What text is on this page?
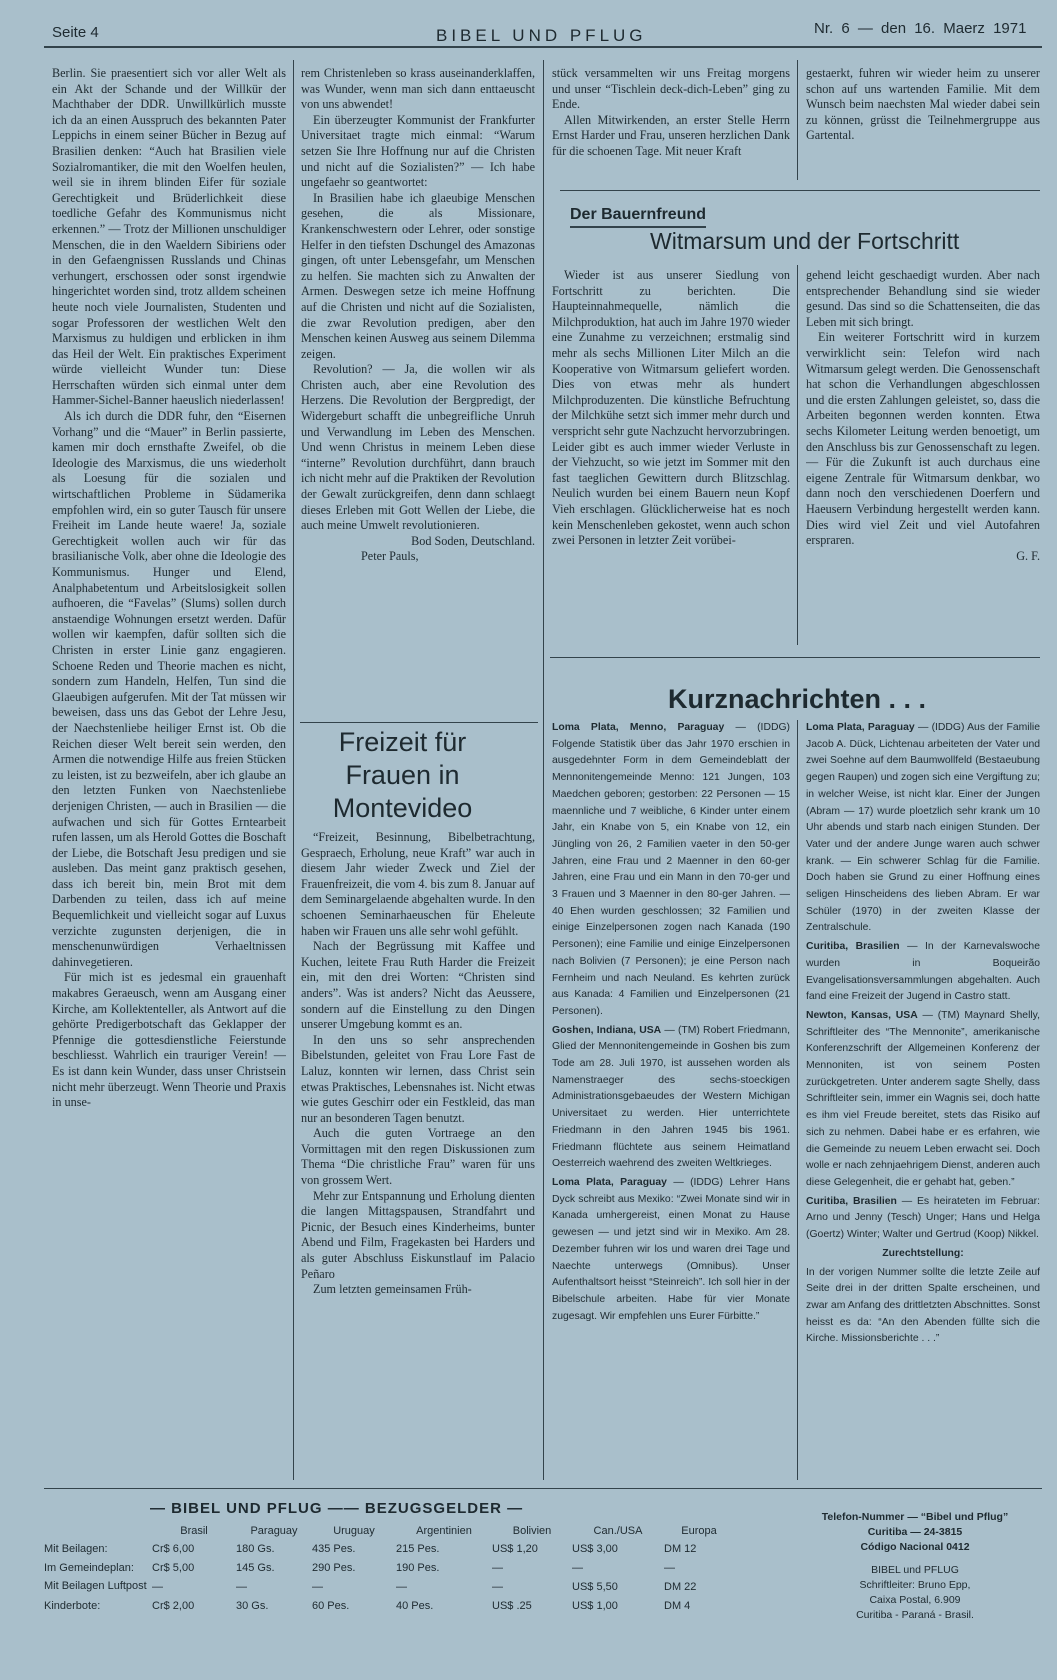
Seite 4	BIBEL UND PFLUG	Nr. 6 — den 16. Maerz 1971

Berlin. Sie praesentiert sich vor aller Welt als ein Akt der Schande und der Willkür der Machthaber der DDR. Unwillkürlich musste ich da an einen Ausspruch des bekannten Pater Leppichs in einem seiner Bücher in Bezug auf Brasilien denken: “Auch hat Brasilien viele Sozialromantiker, die mit den Woelfen heulen, weil sie in ihrem blinden Eifer für soziale Gerechtigkeit und Brüderlichkeit diese toedliche Gefahr des Kommunismus nicht erkennen.” — Trotz der Millionen unschuldiger Menschen, die in den Waeldern Sibiriens oder in den Gefaengnissen Russlands und Chinas verhungert, erschossen oder sonst irgendwie hingerichtet worden sind, trotz alldem scheinen heute noch viele Journalisten, Studenten und sogar Professoren der westlichen Welt den Marxismus zu huldigen und erblicken in ihm das Heil der Welt. Ein praktisches Experiment würde vielleicht Wunder tun: Diese Herrschaften würden sich einmal unter dem Hammer-Sichel-Banner haeuslich niederlassen!

Als ich durch die DDR fuhr, den “Eisernen Vorhang” und die “Mauer” in Berlin passierte, kamen mir doch ernsthafte Zweifel, ob die Ideologie des Marxismus, die uns wiederholt als Loesung für die sozialen und wirtschaftlichen Probleme in Südamerika empfohlen wird, ein so guter Tausch für unsere Freiheit im Lande heute waere! Ja, soziale Gerechtigkeit wollen auch wir für das brasilianische Volk, aber ohne die Ideologie des Kommunismus. Hunger und Elend, Analphabetentum und Arbeitslosigkeit sollen aufhoeren, die “Favelas” (Slums) sollen durch anstaendige Wohnungen ersetzt werden. Dafür wollen wir kaempfen, dafür sollten sich die Christen in erster Linie ganz engagieren. Schoene Reden und Theorie machen es nicht, sondern zum Handeln, Helfen, Tun sind die Glaeubigen aufgerufen. Mit der Tat müssen wir beweisen, dass uns das Gebot der Lehre Jesu, der Naechstenliebe heiliger Ernst ist. Ob die Reichen dieser Welt bereit sein werden, den Armen die notwendige Hilfe aus freien Stücken zu leisten, ist zu bezweifeln, aber ich glaube an den letzten Funken von Naechstenliebe derjenigen Christen, — auch in Brasilien — die aufwachen und sich für Gottes Erntearbeit rufen lassen, um als Herold Gottes die Boschaft der Liebe, die Botschaft Jesu predigen und sie ausleben. Das meint ganz praktisch gesehen, dass ich bereit bin, mein Brot mit dem Darbenden zu teilen, dass ich auf meine Bequemlichkeit und vielleicht sogar auf Luxus verzichte zugunsten derjenigen, die in menschenunwürdigen Verhaeltnissen dahinvegetieren.

Für mich ist es jedesmal ein grauenhaft makabres Geraeusch, wenn am Ausgang einer Kirche, am Kollektenteller, als Antwort auf die gehörte Predigerbotschaft das Geklapper der Pfennige die gottesdienstliche Feierstunde beschliesst. Wahrlich ein trauriger Verein! — Es ist dann kein Wunder, dass unser Christsein nicht mehr überzeugt. Wenn Theorie und Praxis in unse-

rem Christenleben so krass auseinanderklaffen, was Wunder, wenn man sich dann enttaeuscht von uns abwendet!

Ein überzeugter Kommunist der Frankfurter Universitaet tragte mich einmal: “Warum setzen Sie Ihre Hoffnung nur auf die Christen und nicht auf die Sozialisten?” — Ich habe ungefaehr so geantwortet:

In Brasilien habe ich glaeubige Menschen gesehen, die als Missionare, Krankenschwestern oder Lehrer, oder sonstige Helfer in den tiefsten Dschungel des Amazonas gingen, oft unter Lebensgefahr, um Menschen zu helfen. Sie machten sich zu Anwalten der Armen. Deswegen setze ich meine Hoffnung auf die Christen und nicht auf die Sozialisten, die zwar Revolution predigen, aber den Menschen keinen Ausweg aus seinem Dilemma zeigen.

Revolution? — Ja, die wollen wir als Christen auch, aber eine Revolution des Herzens. Die Revolution der Bergpredigt, der Widergeburt schafft die unbegreifliche Unruh und Verwandlung im Leben des Menschen. Und wenn Christus in meinem Leben diese “interne” Revolution durchführt, dann brauch ich nicht mehr auf die Praktiken der Revolution der Gewalt zurückgreifen, denn dann schlaegt dieses Erleben mit Gott Wellen der Liebe, die auch meine Umwelt revolutionieren.

Bod Soden, Deutschland.

Peter Pauls,

Freizeit für Frauen in Montevideo

“Freizeit, Besinnung, Bibelbetrachtung, Gespraech, Erholung, neue Kraft” war auch in diesem Jahr wieder Zweck und Ziel der Frauenfreizeit, die vom 4. bis zum 8. Januar auf dem Seminargelaende abgehalten wurde. In den schoenen Seminarhaeuschen für Eheleute haben wir Frauen uns alle sehr wohl gefühlt.

Nach der Begrüssung mit Kaffee und Kuchen, leitete Frau Ruth Harder die Freizeit ein, mit den drei Worten: “Christen sind anders”. Was ist anders? Nicht das Aeussere, sondern auf die Einstellung zu den Dingen unserer Umgebung kommt es an.

In den uns so sehr ansprechenden Bibelstunden, geleitet von Frau Lore Fast de Laluz, konnten wir lernen, dass Christ sein etwas Praktisches, Lebensnahes ist. Nicht etwas wie gutes Geschirr oder ein Festkleid, das man nur an besonderen Tagen benutzt.

Auch die guten Vortraege an den Vormittagen mit den regen Diskussionen zum Thema “Die christliche Frau” waren für uns von grossem Wert.

Mehr zur Entspannung und Erholung dienten die langen Mittagspausen, Strandfahrt und Picnic, der Besuch eines Kinderheims, bunter Abend und Film, Fragekasten bei Harders und als guter Abschluss Eiskunstlauf im Palacio Peñaro

Zum letzten gemeinsamen Früh-

stück versammelten wir uns Freitag morgens und unser “Tischlein deck-dich-Leben” ging zu Ende.

Allen Mitwirkenden, an erster Stelle Herrn Ernst Harder und Frau, unseren herzlichen Dank für die schoenen Tage. Mit neuer Kraft

gestaerkt, fuhren wir wieder heim zu unserer schon auf uns wartenden Familie. Mit dem Wunsch beim naechsten Mal wieder dabei sein zu können, grüsst die Teilnehmergruppe aus Gartental.

Der Bauernfreund
Witmarsum und der Fortschritt

Wieder ist aus unserer Siedlung von Fortschritt zu berichten. Die Haupteinnahmequelle, nämlich die Milchproduktion, hat auch im Jahre 1970 wieder eine Zunahme zu verzeichnen; erstmalig sind mehr als sechs Millionen Liter Milch an die Kooperative von Witmarsum geliefert worden. Dies von etwas mehr als hundert Milchproduzenten. Die künstliche Befruchtung der Milchkühe setzt sich immer mehr durch und verspricht sehr gute Nachzucht hervorzubringen. Leider gibt es auch immer wieder Verluste in der Viehzucht, so wie jetzt im Sommer mit den fast taeglichen Gewittern durch Blitzschlag. Neulich wurden bei einem Bauern neun Kopf Vieh erschlagen. Glücklicherweise hat es noch kein Menschenleben gekostet, wenn auch schon zwei Personen in letzter Zeit vorübei-

gehend leicht geschaedigt wurden. Aber nach entsprechender Behandlung sind sie wieder gesund. Das sind so die Schattenseiten, die das Leben mit sich bringt.

Ein weiterer Fortschritt wird in kurzem verwirklicht sein: Telefon wird nach Witmarsum gelegt werden. Die Genossenschaft hat schon die Verhandlungen abgeschlossen und die ersten Zahlungen geleistet, so, dass die Arbeiten begonnen werden konnten. Etwa sechs Kilometer Leitung werden benoetigt, um den Anschluss bis zur Genossenschaft zu legen. — Für die Zukunft ist auch durchaus eine eigene Zentrale für Witmarsum denkbar, wo dann noch den verschiedenen Doerfern und Haeusern Verbindung hergestellt werden kann. Dies wird viel Zeit und viel Autofahren erspraren.

G. F.

Kurznachrichten . . .

Loma Plata, Menno, Paraguay — (IDDG) Folgende Statistik über das Jahr 1970 erschien in ausgedehnter Form in dem Gemeindeblatt der Mennonitengemeinde Menno: 121 Jungen, 103 Maedchen geboren; gestorben: 22 Personen — 15 maennliche und 7 weibliche, 6 Kinder unter einem Jahr, ein Knabe von 5, ein Knabe von 12, ein Jüngling von 26, 2 Familien vaeter in den 50-ger Jahren, eine Frau und 2 Maenner in den 60-ger Jahren, eine Frau und ein Mann in den 70-ger und 3 Frauen und 3 Maenner in den 80-ger Jahren. — 40 Ehen wurden geschlossen; 32 Familien und einige Einzelpersonen zogen nach Kanada (190 Personen); eine Familie und einige Einzelpersonen nach Bolivien (7 Personen); je eine Person nach Fernheim und nach Neuland. Es kehrten zurück aus Kanada: 4 Familien und Einzelpersonen (21 Personen).

Goshen, Indiana, USA — (TM) Robert Friedmann, Glied der Mennonitengemeinde in Goshen bis zum Tode am 28. Juli 1970, ist aussehen worden als Namenstraeger des sechs-stoeckigen Administrationsgebaeudes der Western Michigan Universitaet zu werden. Hier unterrichtete Friedmann in den Jahren 1945 bis 1961. Friedmann flüchtete aus seinem Heimatland Oesterreich waehrend des zweiten Weltkrieges.

Loma Plata, Paraguay — (IDDG) Lehrer Hans Dyck schreibt aus Mexiko: “Zwei Monate sind wir in Kanada umhergereist, einen Monat zu Hause gewesen — und jetzt sind wir in Mexiko. Am 28. Dezember fuhren wir los und waren drei Tage und Naechte unterwegs (Omnibus). Unser Aufenthaltsort heisst “Steinreich”. Ich soll hier in der Bibelschule arbeiten. Habe für vier Monate zugesagt. Wir empfehlen uns Eurer Fürbitte.”

Loma Plata, Paraguay — (IDDG) Aus der Familie Jacob A. Dück, Lichtenau arbeiteten der Vater und zwei Soehne auf dem Baumwollfeld (Bestaeubung gegen Raupen) und zogen sich eine Vergiftung zu; in welcher Weise, ist nicht klar. Einer der Jungen (Abram — 17) wurde ploetzlich sehr krank um 10 Uhr abends und starb nach einigen Stunden. Der Vater und der andere Junge waren auch schwer krank. — Ein schwerer Schlag für die Familie. Doch haben sie Grund zu einer Hoffnung eines seligen Hinscheidens des lieben Abram. Er war Schüler (1970) in der zweiten Klasse der Zentralschule.

Curitiba, Brasilien — In der Karnevalswoche wurden in Boqueirão Evangelisationsversammlungen abgehalten. Auch fand eine Freizeit der Jugend in Castro statt.

Newton, Kansas, USA — (TM) Maynard Shelly, Schriftleiter des “The Mennonite”, amerikanische Konferenzschrift der Allgemeinen Konferenz der Mennoniten, ist von seinem Posten zurückgetreten. Unter anderem sagte Shelly, dass Schriftleiter sein, immer ein Wagnis sei, doch hatte es ihm viel Freude bereitet, stets das Risiko auf sich zu nehmen. Dabei habe er es erfahren, wie die Gemeinde zu neuem Leben erwacht sei. Doch wolle er nach zehnjaehrigem Dienst, anderen auch diese Gelegenheit, die er gehabt hat, geben.”

Curitiba, Brasilien — Es heirateten im Februar: Arno und Jenny (Tesch) Unger; Hans und Helga (Goertz) Winter; Walter und Gertrud (Koop) Nikkel.

Zurechtstellung:

In der vorigen Nummer sollte die letzte Zeile auf Seite drei in der dritten Spalte erscheinen, und zwar am Anfang des drittletzten Abschnittes. Sonst heisst es da: “An den Abenden füllte sich die Kirche. Missionsberichte . . .”

— BIBEL UND PFLUG —— BEZUGSGELDER —
	Brasil	Paraguay	Uruguay	Argentinien	Bolivien	Can./USA	Europa
Mit Beilagen:	Cr$ 6,00	180 Gs.	435 Pes.	215 Pes.	US$ 1,20	US$ 3,00	DM 12
Im Gemeindeplan:	Cr$ 5,00	145 Gs.	290 Pes.	190 Pes.	—	—	—
Mit Beilagen Luftpost	—	—	—	—	—	US$ 5,50	DM 22
Kinderbote:	Cr$ 2,00	30 Gs.	60 Pes.	40 Pes.	US$ .25	US$ 1,00	DM 4
Telefon-Nummer — “Bibel und Pflug”
Curitiba — 24-3815
Código Nacional 0412
BIBEL und PFLUG
Schriftleiter: Bruno Epp,
Caixa Postal, 6.909
Curitiba - Paraná - Brasil.
